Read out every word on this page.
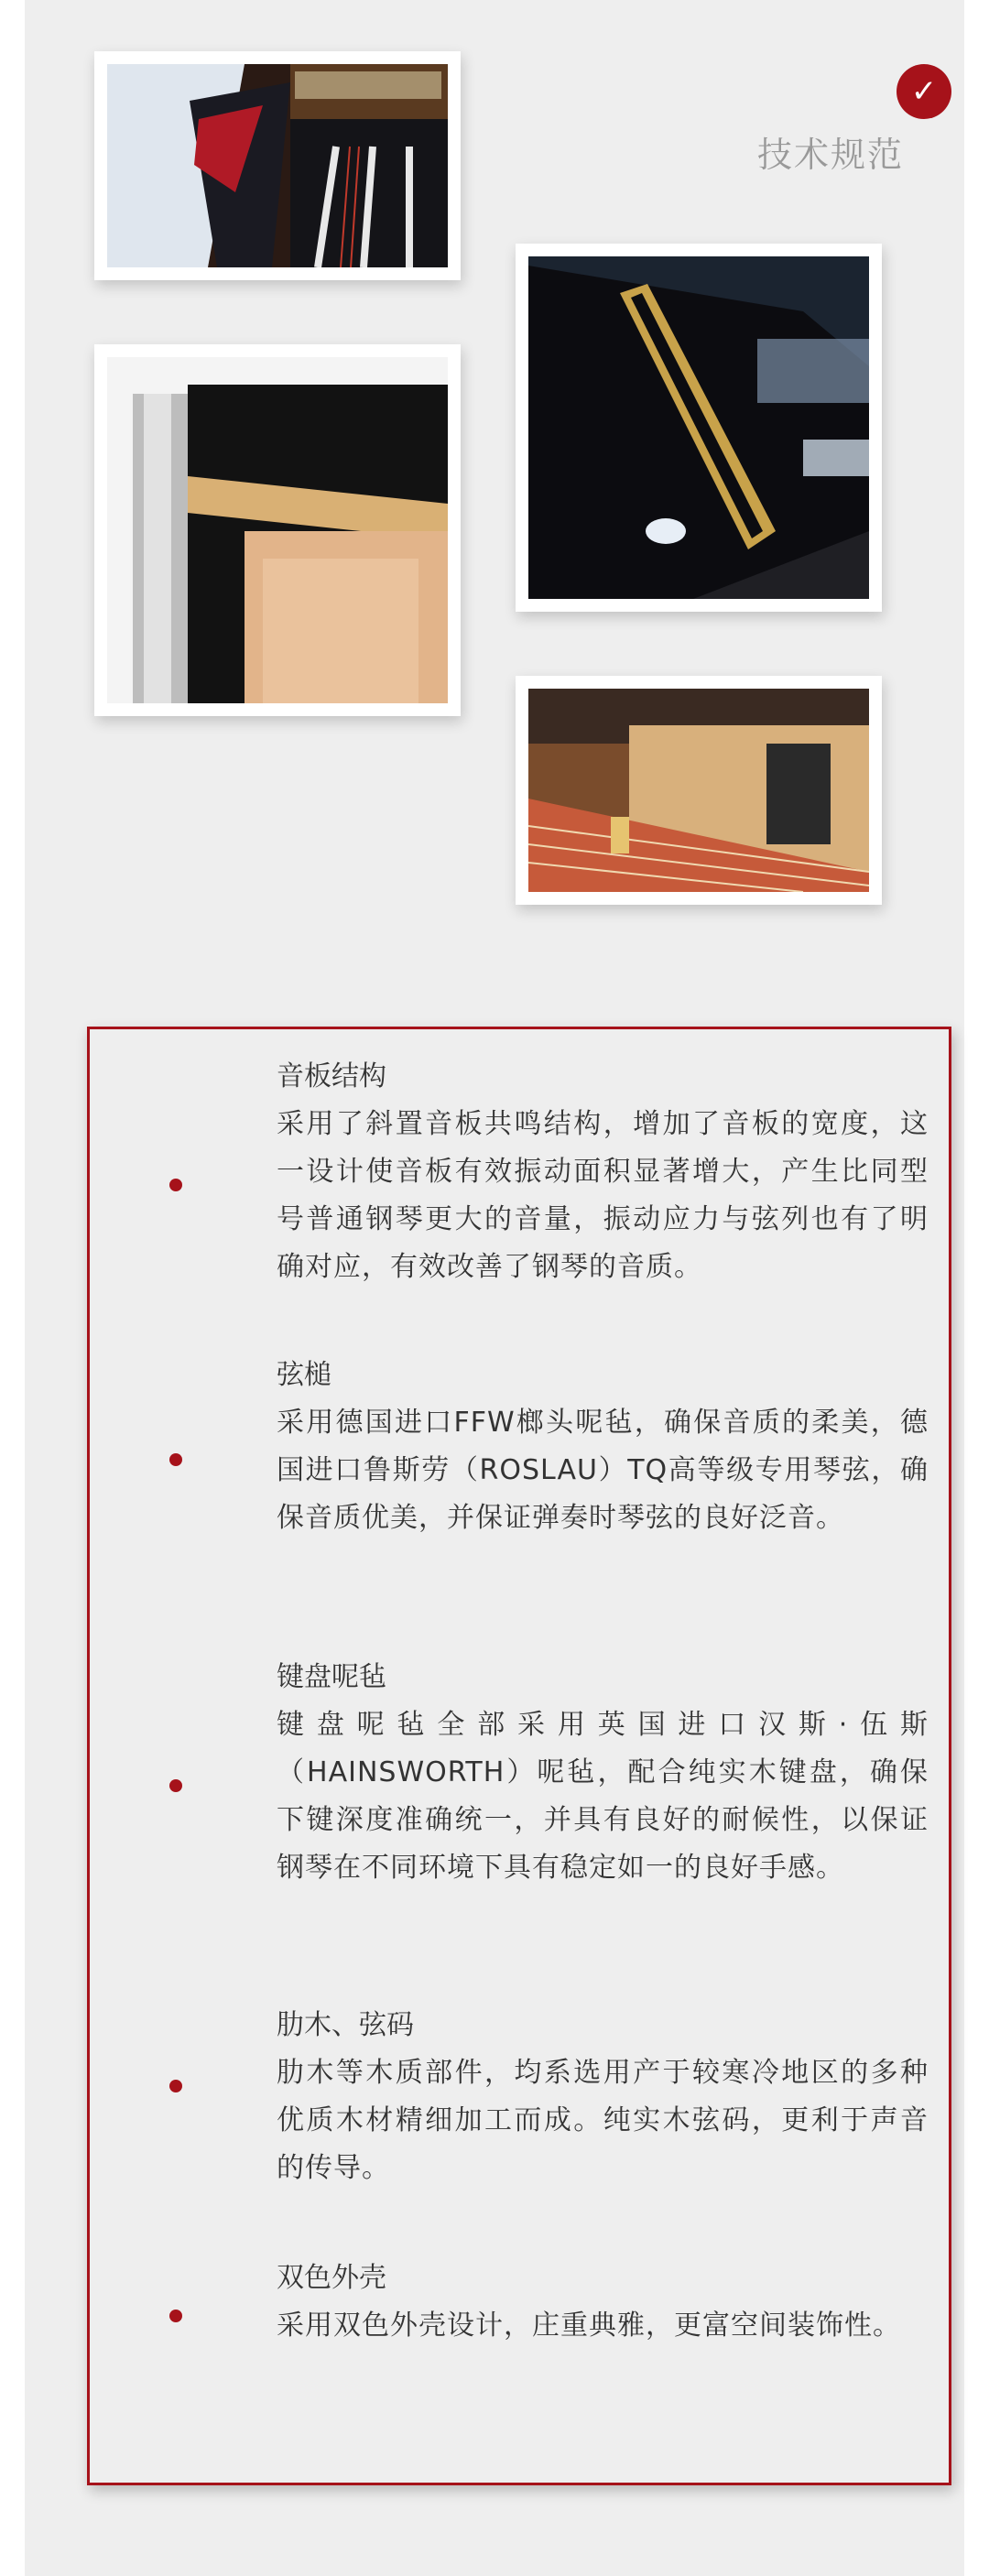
✓
技术规范

音板结构

采用了斜置音板共鸣结构，增加了音板的宽度，这一设计使音板有效振动面积显著增大，产生比同型号普通钢琴更大的音量，振动应力与弦列也有了明确对应，有效改善了钢琴的音质。

弦槌

采用德国进口FFW榔头呢毡，确保音质的柔美，德国进口鲁斯劳（ROSLAU）TQ高等级专用琴弦，确保音质优美，并保证弹奏时琴弦的良好泛音。

键盘呢毡

键盘呢毡全部采用英国进口汉斯·伍斯（HAINSWORTH）呢毡，配合纯实木键盘，确保下键深度准确统一，并具有良好的耐候性，以保证钢琴在不同环境下具有稳定如一的良好手感。

肋木、弦码

肋木等木质部件，均系选用产于较寒冷地区的多种优质木材精细加工而成。纯实木弦码，更利于声音的传导。

双色外壳

采用双色外壳设计，庄重典雅，更富空间装饰性。
